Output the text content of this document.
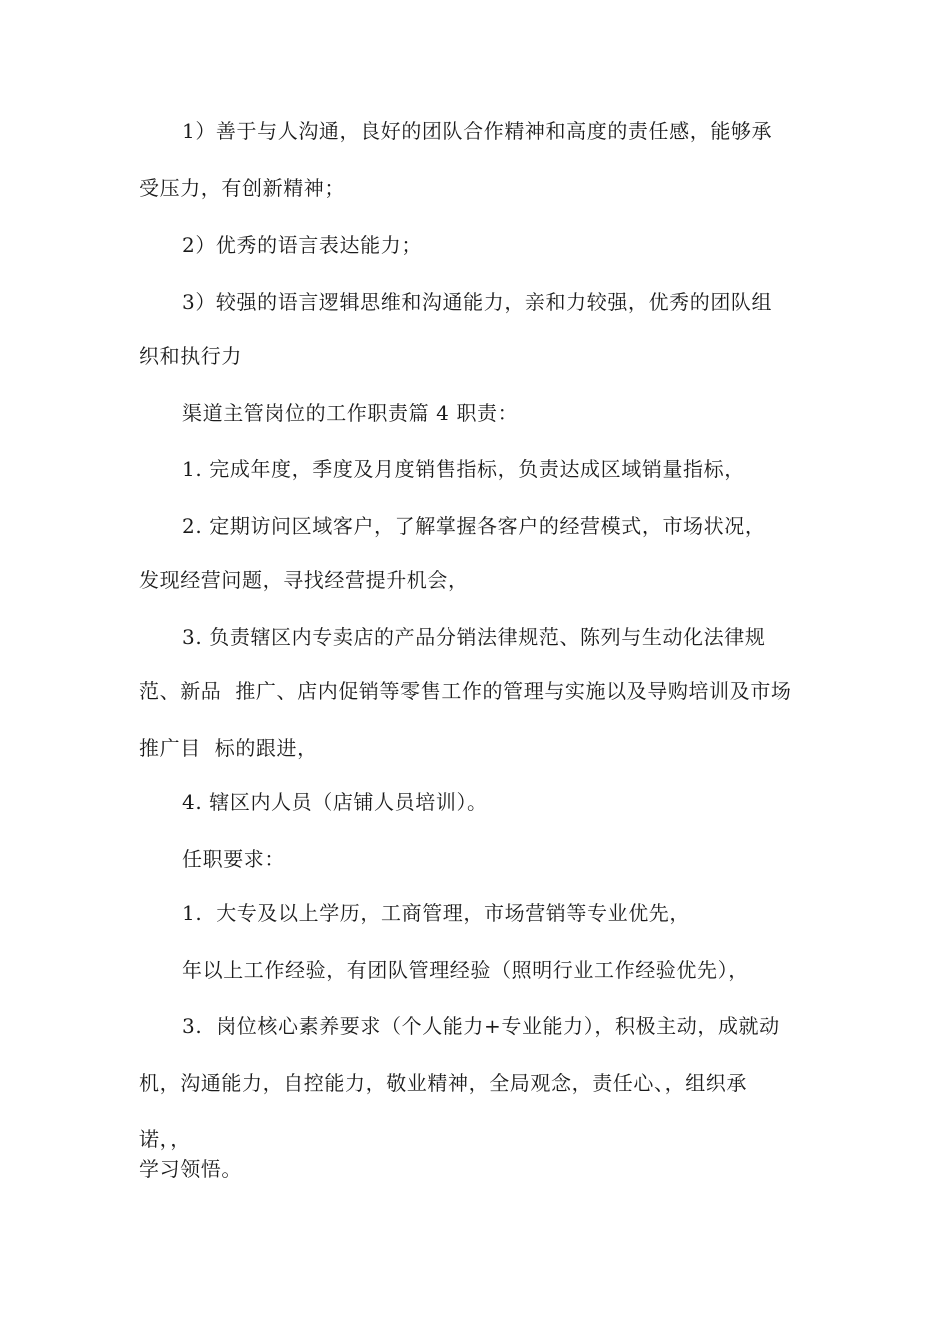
1）善于与人沟通，良好的团队合作精神和高度的责任感，能够承

受压力，有创新精神；

2）优秀的语言表达能力；

3）较强的语言逻辑思维和沟通能力，亲和力较强，优秀的团队组

织和执行力

渠道主管岗位的工作职责篇 4 职责：

1. 完成年度，季度及月度销售指标，负责达成区域销量指标，

2. 定期访问区域客户，了解掌握各客户的经营模式，市场状况，

发现经营问题，寻找经营提升机会，

3. 负责辖区内专卖店的产品分销法律规范、陈列与生动化法律规

范、新品  推广、店内促销等零售工作的管理与实施以及导购培训及市场

推广目  标的跟进，

4. 辖区内人员（店铺人员培训）。

任职要求：

1.  大专及以上学历，工商管理，市场营销等专业优先，

年以上工作经验，有团队管理经验（照明行业工作经验优先），

3.  岗位核心素养要求（个人能力+专业能力），积极主动，成就动

机，沟通能力，自控能力，敬业精神，全局观念，责任心、，组织承

诺，，

学习领悟。
